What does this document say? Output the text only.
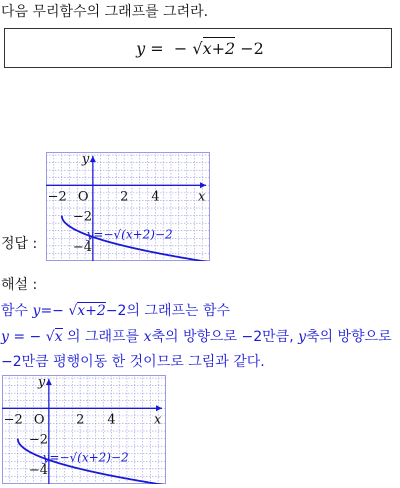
다음 무리함수의 그래프를 그려라.
y = − √x+2 −2
정답 :
x
y
O
−2	2 4
−2
−4
y=−√(x+2)−2
해설 :
함수 y=− √x+2−2의 그래프는 함수
y = − √x 의 그래프를 x축의 방향으로 −2만큼, y축의 방향으로
−2만큼 평행이동 한 것이므로 그림과 같다.
x
y
O
−2	2 4
−2
−4
y=−√(x+2)−2
